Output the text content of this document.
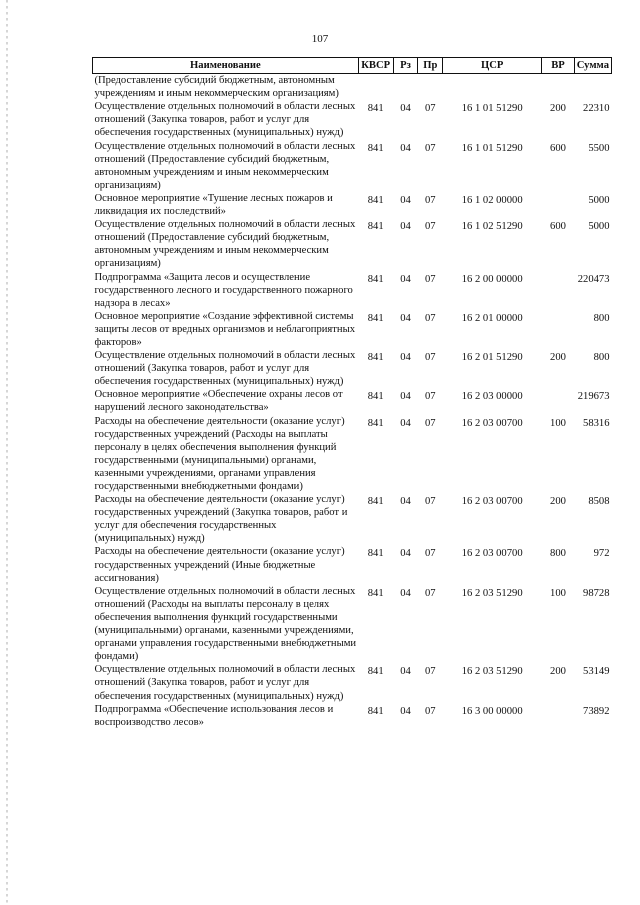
107
Наименование	КВСР	Рз	Пр	ЦСР	ВР	Сумма
(Предоставление субсидий бюджетным, автономным учреждениям и иным некоммерческим организациям)						
Осуществление отдельных полномочий в области лесных отношений (Закупка товаров, работ и услуг для обеспечения государственных (муниципальных) нужд)	841	04	07	16 1 01 51290	200	22310
Осуществление отдельных полномочий в области лесных отношений (Предоставление субсидий бюджетным, автономным учреждениям и иным некоммерческим организациям)	841	04	07	16 1 01 51290	600	5500
Основное мероприятие «Тушение лесных пожаров и ликвидация их последствий»	841	04	07	16 1 02 00000		5000
Осуществление отдельных полномочий в области лесных отношений (Предоставление субсидий бюджетным, автономным учреждениям и иным некоммерческим организациям)	841	04	07	16 1 02 51290	600	5000
Подпрограмма «Защита лесов и осуществление государственного лесного и государственного пожарного надзора в лесах»	841	04	07	16 2 00 00000		220473
Основное мероприятие «Создание эффективной системы защиты лесов от вредных организмов и неблагоприятных факторов»	841	04	07	16 2 01 00000		800
Осуществление отдельных полномочий в области лесных отношений (Закупка товаров, работ и услуг для обеспечения государственных (муниципальных) нужд)	841	04	07	16 2 01 51290	200	800
Основное мероприятие «Обеспечение охраны лесов от нарушений лесного законодательства»	841	04	07	16 2 03 00000		219673
Расходы на обеспечение деятельности (оказание услуг) государственных учреждений (Расходы на выплаты персоналу в целях обеспечения выполнения функций государственными (муниципальными) органами, казенными учреждениями, органами управления государственными внебюджетными фондами)	841	04	07	16 2 03 00700	100	58316
Расходы на обеспечение деятельности (оказание услуг) государственных учреждений (Закупка товаров, работ и услуг для обеспечения государственных (муниципальных) нужд)	841	04	07	16 2 03 00700	200	8508
Расходы на обеспечение деятельности (оказание услуг) государственных учреждений (Иные бюджетные ассигнования)	841	04	07	16 2 03 00700	800	972
Осуществление отдельных полномочий в области лесных отношений (Расходы на выплаты персоналу в целях обеспечения выполнения функций государственными (муниципальными) органами, казенными учреждениями, органами управления государственными внебюджетными фондами)	841	04	07	16 2 03 51290	100	98728
Осуществление отдельных полномочий в области лесных отношений (Закупка товаров, работ и услуг для обеспечения государственных (муниципальных) нужд)	841	04	07	16 2 03 51290	200	53149
Подпрограмма «Обеспечение использования лесов и воспроизводство лесов»	841	04	07	16 3 00 00000		73892
